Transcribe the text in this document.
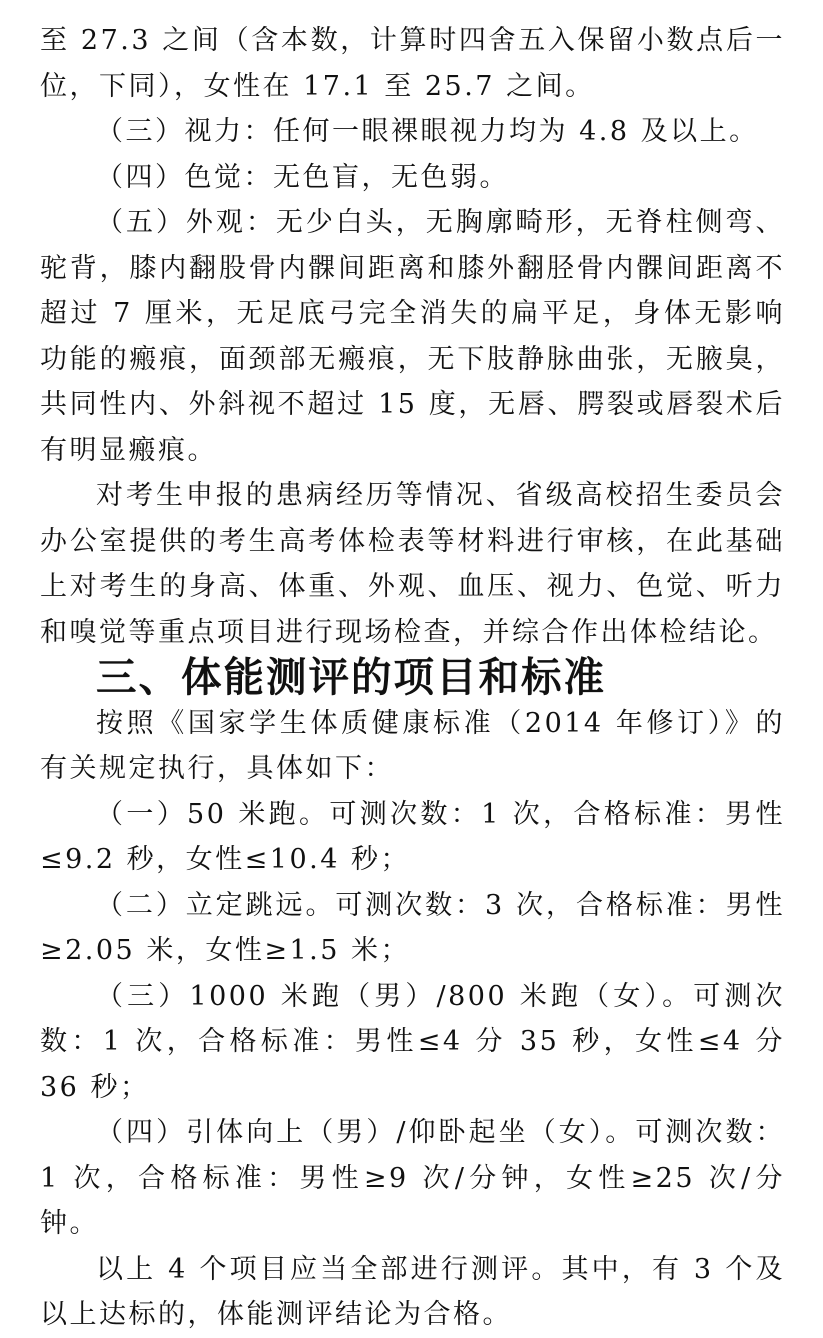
至 27.3 之间（含本数，计算时四舍五入保留小数点后一位，下同），女性在 17.1 至 25.7 之间。

（三）视力：任何一眼裸眼视力均为 4.8 及以上。

（四）色觉：无色盲，无色弱。

（五）外观：无少白头，无胸廓畸形，无脊柱侧弯、驼背，膝内翻股骨内髁间距离和膝外翻胫骨内髁间距离不超过 7 厘米，无足底弓完全消失的扁平足，身体无影响功能的瘢痕，面颈部无瘢痕，无下肢静脉曲张，无腋臭，共同性内、外斜视不超过 15 度，无唇、腭裂或唇裂术后有明显瘢痕。

对考生申报的患病经历等情况、省级高校招生委员会办公室提供的考生高考体检表等材料进行审核，在此基础上对考生的身高、体重、外观、血压、视力、色觉、听力和嗅觉等重点项目进行现场检查，并综合作出体检结论。

三、体能测评的项目和标准

按照《国家学生体质健康标准（2014 年修订）》的有关规定执行，具体如下：

（一）50 米跑。可测次数：1 次，合格标准：男性≤9.2 秒，女性≤10.4 秒；

（二）立定跳远。可测次数：3 次，合格标准：男性≥2.05 米，女性≥1.5 米；

（三）1000 米跑（男）/800 米跑（女）。可测次数：1 次，合格标准：男性≤4 分 35 秒，女性≤4 分 36 秒；

（四）引体向上（男）/仰卧起坐（女）。可测次数：1 次，合格标准：男性≥9 次/分钟，女性≥25 次/分钟。

以上 4 个项目应当全部进行测评。其中，有 3 个及以上达标的，体能测评结论为合格。
